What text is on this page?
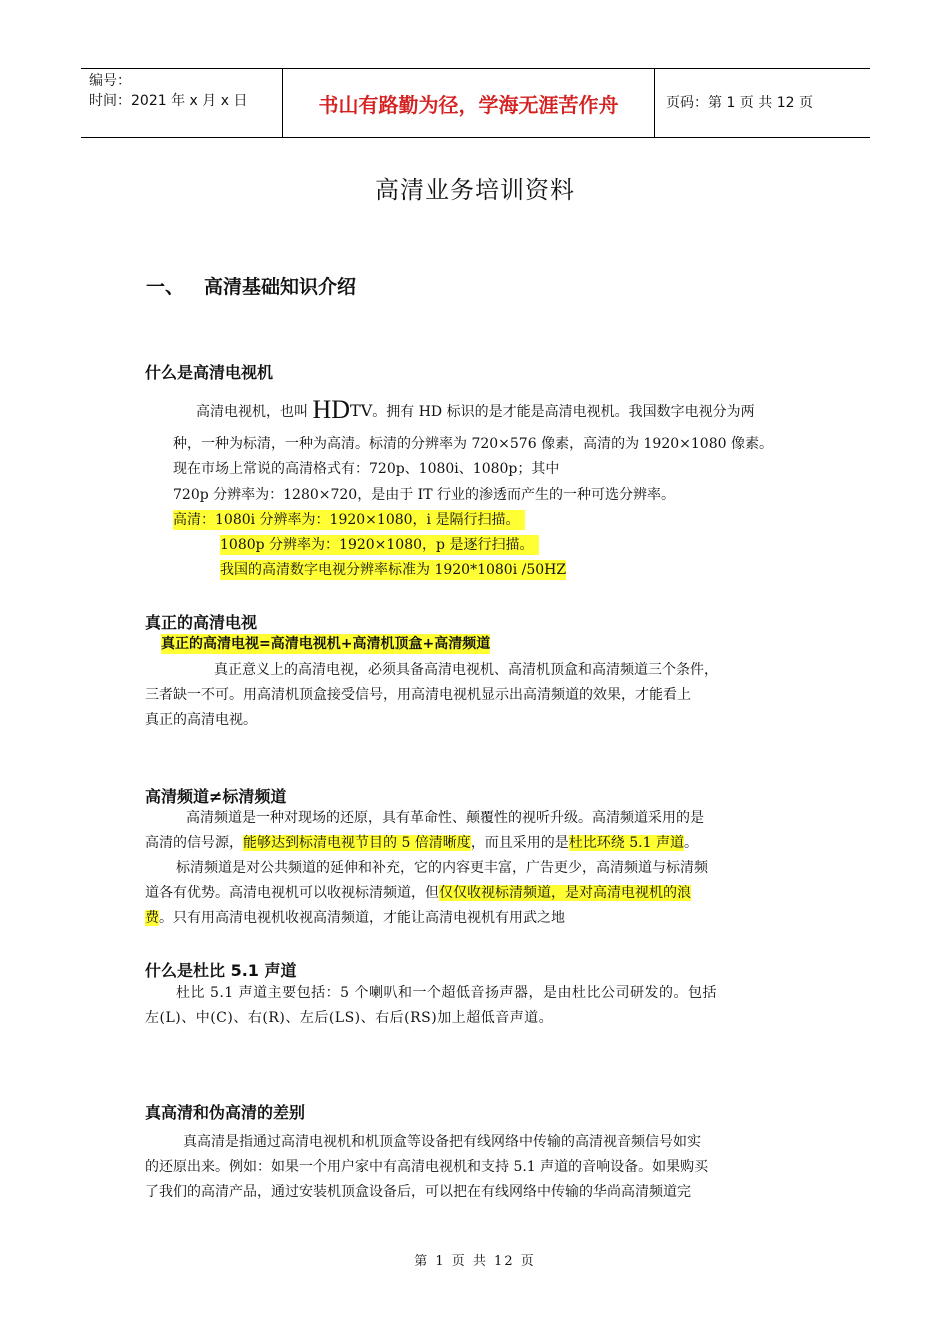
编号：
时间：2021 年 x 月 x 日	书山有路勤为径，学海无涯苦作舟	页码：第 1 页 共 12 页
高清业务培训资料
一、 高清基础知识介绍
什么是高清电视机
高清电视机，也叫 HDTV。拥有 HD 标识的是才能是高清电视机。我国数字电视分为两
种，一种为标清，一种为高清。标清的分辨率为 720×576 像素，高清的为 1920×1080 像素。
现在市场上常说的高清格式有：720p、1080i、1080p；其中
720p 分辨率为：1280×720，是由于 IT 行业的渗透而产生的一种可选分辨率。
高清：1080i 分辨率为：1920×1080，i 是隔行扫描。
1080p 分辨率为：1920×1080，p 是逐行扫描。
我国的高清数字电视分辨率标准为 1920*1080i /50HZ
真正的高清电视
真正的高清电视=高清电视机+高清机顶盒+高清频道
真正意义上的高清电视，必须具备高清电视机、高清机顶盒和高清频道三个条件，
三者缺一不可。用高清机顶盒接受信号，用高清电视机显示出高清频道的效果，才能看上
真正的高清电视。
高清频道≠标清频道
高清频道是一种对现场的还原，具有革命性、颠覆性的视听升级。高清频道采用的是
高清的信号源，能够达到标清电视节目的 5 倍清晰度，而且采用的是杜比环绕 5.1 声道。
标清频道是对公共频道的延伸和补充，它的内容更丰富，广告更少，高清频道与标清频
道各有优势。高清电视机可以收视标清频道，但仅仅收视标清频道，是对高清电视机的浪
费。只有用高清电视机收视高清频道，才能让高清电视机有用武之地
什么是杜比 5.1 声道
杜比 5.1 声道主要包括：5 个喇叭和一个超低音扬声器，是由杜比公司研发的。包括
左(L)、中(C)、右(R)、左后(LS)、右后(RS)加上超低音声道。
真高清和伪高清的差别
真高清是指通过高清电视机和机顶盒等设备把有线网络中传输的高清视音频信号如实
的还原出来。例如：如果一个用户家中有高清电视机和支持 5.1 声道的音响设备。如果购买
了我们的高清产品，通过安装机顶盒设备后，可以把在有线网络中传输的华尚高清频道完
第 1 页 共 12 页
